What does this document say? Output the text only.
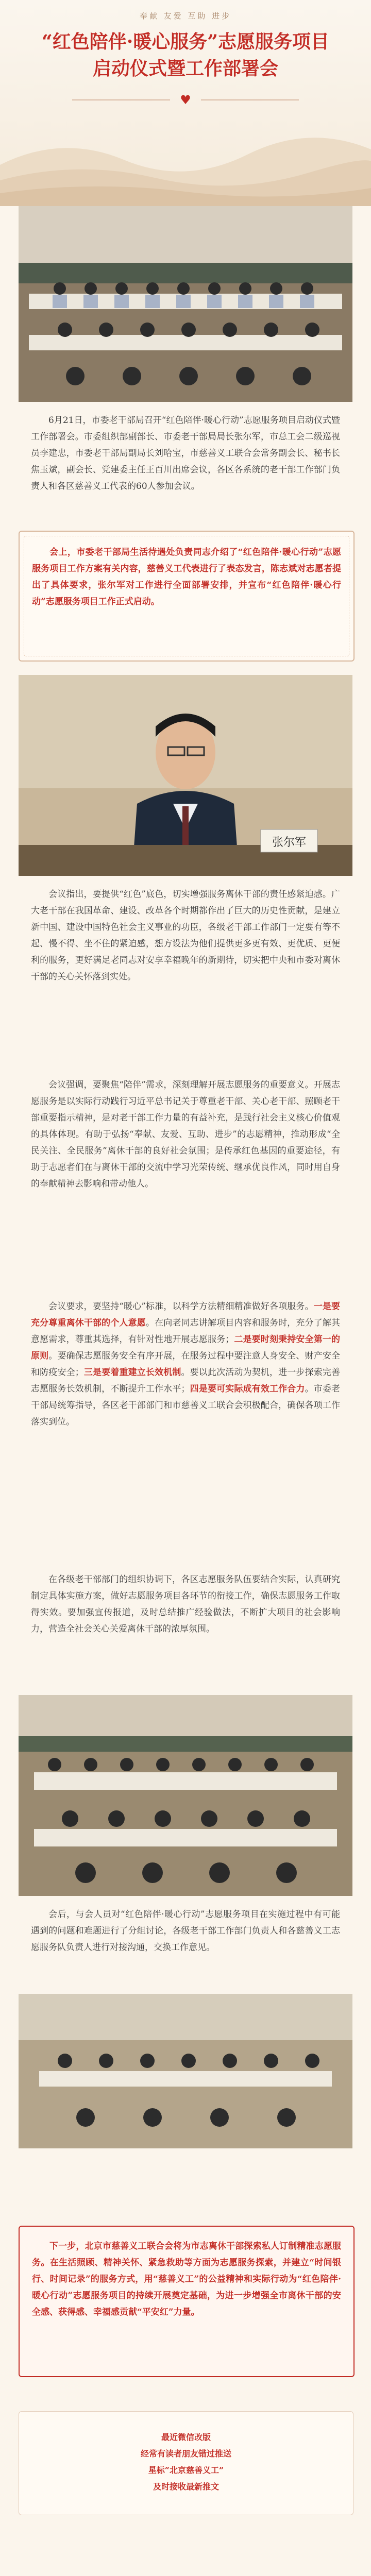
奉献 友爱 互助 进步
“红色陪伴·暖心服务”志愿服务项目
启动仪式暨工作部署会
♥
6月21日，市委老干部局召开“红色陪伴·暖心行动”志愿服务项目启动仪式暨工作部署会。市委组织部副部长、市委老干部局局长张尔军，市总工会二级巡视员李建忠，市委老干部局副局长刘哈宝，市慈善义工联合会常务副会长、秘书长焦玉斌，副会长、党建委主任王百川出席会议，各区各系统的老干部工作部门负责人和各区慈善义工代表的60人参加会议。
会上，市委老干部局生活待遇处负责同志介绍了“红色陪伴·暖心行动”志愿服务项目工作方案有关内容，慈善义工代表进行了表态发言，陈志斌对志愿者提出了具体要求，张尔军对工作进行全面部署安排，并宣布“红色陪伴·暖心行动”志愿服务项目工作正式启动。
张尔军
会议指出，要提供“红色”底色，切实增强服务离休干部的责任感紧迫感。广大老干部在我国革命、建设、改革各个时期都作出了巨大的历史性贡献，是建立新中国、建设中国特色社会主义事业的功臣，各级老干部工作部门一定要有等不起、慢不得、坐不住的紧迫感，想方设法为他们提供更多更有效、更优质、更便利的服务，更好满足老同志对安享幸福晚年的新期待，切实把中央和市委对离休干部的关心关怀落到实处。
会议强调，要聚焦“陪伴”需求，深刻理解开展志愿服务的重要意义。开展志愿服务是以实际行动践行习近平总书记关于尊重老干部、关心老干部、照顾老干部重要指示精神，是对老干部工作力量的有益补充，是践行社会主义核心价值观的具体体现。有助于弘扬“奉献、友爱、互助、进步”的志愿精神，推动形成“全民关注、全民服务”离休干部的良好社会氛围；是传承红色基因的重要途径，有助于志愿者们在与离休干部的交流中学习光荣传统、继承优良作风，同时用自身的奉献精神去影响和带动他人。
会议要求，要坚持“暖心”标准，以科学方法精细精准做好各项服务。一是要充分尊重离休干部的个人意愿。在向老同志讲解项目内容和服务时，充分了解其意愿需求，尊重其选择，有针对性地开展志愿服务；二是要时刻秉持安全第一的原则。要确保志愿服务安全有序开展，在服务过程中要注意人身安全、财产安全和防疫安全；三是要着重建立长效机制。要以此次活动为契机，进一步探索完善志愿服务长效机制，不断提升工作水平；四是要可实际成有效工作合力。市委老干部局统筹指导，各区老干部部门和市慈善义工联合会积极配合，确保各项工作落实到位。
在各级老干部部门的组织协调下，各区志愿服务队伍要结合实际，认真研究制定具体实施方案，做好志愿服务项目各环节的衔接工作，确保志愿服务工作取得实效。要加强宣传报道，及时总结推广经验做法，不断扩大项目的社会影响力，营造全社会关心关爱离休干部的浓厚氛围。
会后，与会人员对“红色陪伴·暖心行动”志愿服务项目在实施过程中有可能遇到的问题和难题进行了分组讨论，各级老干部工作部门负责人和各慈善义工志愿服务队负责人进行对接沟通，交换工作意见。
下一步，北京市慈善义工联合会将为市志离休干部探索私人订制精准志愿服务。在生活照顾、精神关怀、紧急救助等方面为志愿服务探索，并建立“时间银行、时间记录”的服务方式，用“慈善义工”的公益精神和实际行动为“红色陪伴·暖心行动”志愿服务项目的持续开展奠定基础，为进一步增强全市离休干部的安全感、获得感、幸福感贡献“平安红”力量。
最近微信改版
经常有读者朋友错过推送
星标“北京慈善义工”
及时接收最新推文
